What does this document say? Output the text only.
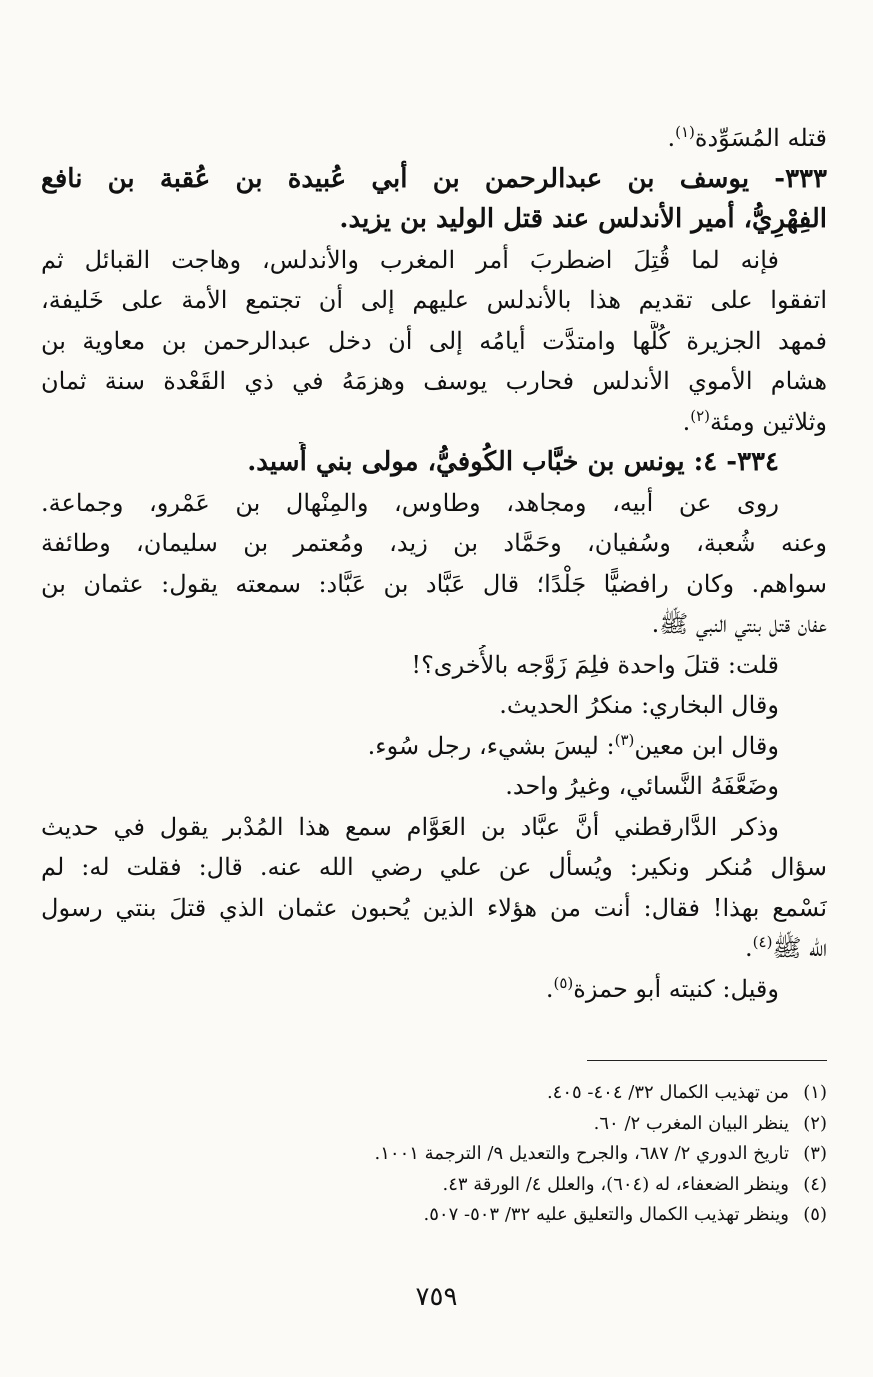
قتله المُسَوِّدة$^{(١)}$.
٣٣٣- يوسف بن عبدالرحمن بن أبي عُبيدة بن عُقبة بن نافع
الفِهْرِيُّ، أمير الأندلس عند قتل الوليد بن يزيد.
فإنه لما قُتِلَ اضطربَ أمر المغرب والأندلس، وهاجت القبائل ثم
اتفقوا على تقديم هذا بالأندلس عليهم إلى أن تجتمع الأمة على خَليفة،
فمهد الجزيرة كُلَّها وامتدَّت أيامُه إلى أن دخل عبدالرحمن بن معاوية بن
هشام الأموي الأندلس فحارب يوسف وهزمَهُ في ذي القَعْدة سنة ثمان
وثلاثين ومئة$^{(٢)}$.
٣٣٤- ٤: يونس بن خبَّاب الكُوفيُّ، مولى بني أُسيد.
روى عن أبيه، ومجاهد، وطاوس، والمِنْهال بن عَمْرو، وجماعة.
وعنه شُعبة، وسُفيان، وحَمَّاد بن زيد، ومُعتمر بن سليمان، وطائفة
سواهم. وكان رافضيًّا جَلْدًا؛ قال عَبَّاد بن عَبَّاد: سمعته يقول: عثمان بن
عفان قتل بنتي النبي ﷺ.
قلت: قتلَ واحدة فلِمَ زَوَّجه بالأُخرى؟!
وقال البخاري: منكرُ الحديث.
وقال ابن معين$^{(٣)}$: ليسَ بشيء، رجل سُوء.
وضَعَّفَهُ النَّسائي، وغيرُ واحد.
وذكر الدَّارقطني أنَّ عبَّاد بن العَوَّام سمع هذا المُدْبر يقول في حديث
سؤال مُنكر ونكير: ويُسأل عن علي رضي الله عنه. قال: فقلت له: لم
نَسْمع بهذا! فقال: أنت من هؤلاء الذين يُحبون عثمان الذي قتلَ بنتي رسول
الله ﷺ$^{(٤)}$.
وقيل: كنيته أبو حمزة$^{(٥)}$.
(١)
من تهذيب الكمال ٣٢/ ٤٠٤- ٤٠٥.
(٢)
ينظر البيان المغرب ٢/ ٦٠.
(٣)
تاريخ الدوري ٢/ ٦٨٧، والجرح والتعديل ٩/ الترجمة ١٠٠١.
(٤)
وينظر الضعفاء، له (٦٠٤)، والعلل ٤/ الورقة ٤٣.
(٥)
وينظر تهذيب الكمال والتعليق عليه ٣٢/ ٥٠٣- ٥٠٧.
٧٥٩
